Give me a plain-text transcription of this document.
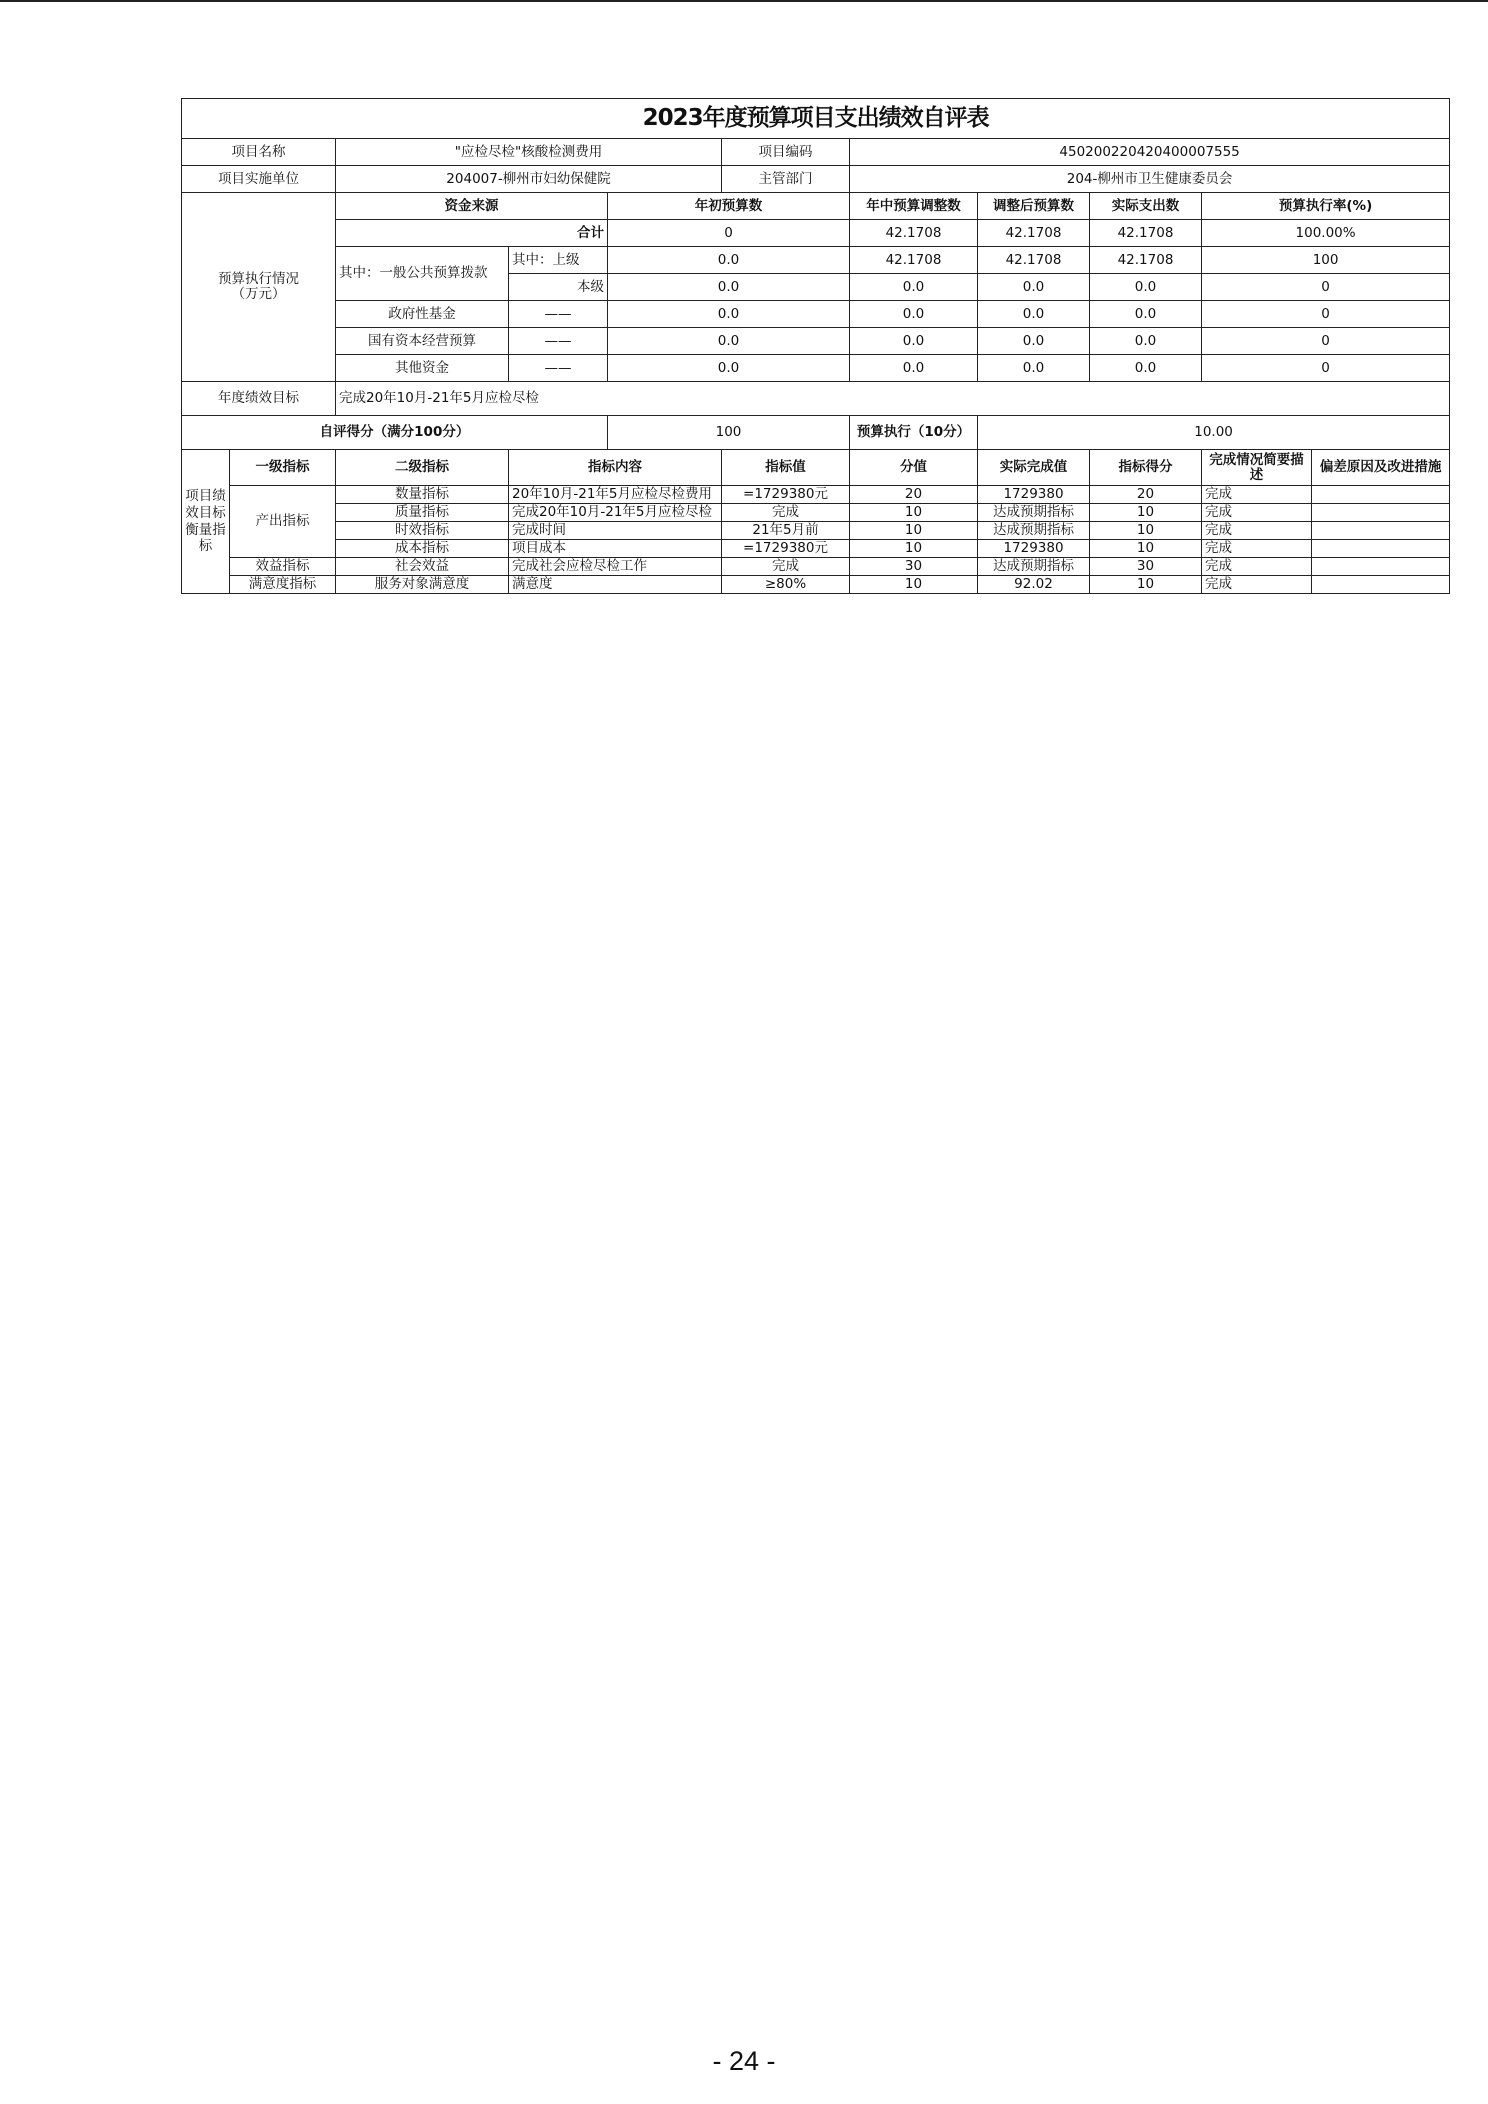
2023年度预算项目支出绩效自评表										
项目名称		"应检尽检"核酸检测费用			项目编码	450200220420400007555				
项目实施单位		204007-柳州市妇幼保健院			主管部门	204-柳州市卫生健康委员会				
预算执行情况（万元）		资金来源		年初预算数		年中预算调整数	调整后预算数	实际支出数	预算执行率(%)	
		合计		0		42.1708	42.1708	42.1708	100.00%	
		其中：一般公共预算拨款	其中：上级	0.0		42.1708	42.1708	42.1708	100	
			本级	0.0		0.0	0.0	0.0	0	
		政府性基金	——	0.0		0.0	0.0	0.0	0	
		国有资本经营预算	——	0.0		0.0	0.0	0.0	0	
		其他资金	——	0.0		0.0	0.0	0.0	0	
年度绩效目标		完成20年10月-21年5月应检尽检								
自评得分（满分100分）				100		预算执行（10分）	10.00			
项目绩效目标衡量指标	一级指标	二级指标	指标内容		指标值	分值	实际完成值	指标得分	完成情况简要描述	偏差原因及改进措施
	产出指标	数量指标	20年10月-21年5月应检尽检费用		=1729380元	20	1729380	20	完成	
		质量指标	完成20年10月-21年5月应检尽检		完成	10	达成预期指标	10	完成	
		时效指标	完成时间		21年5月前	10	达成预期指标	10	完成	
		成本指标	项目成本		=1729380元	10	1729380	10	完成	
	效益指标	社会效益	完成社会应检尽检工作		完成	30	达成预期指标	30	完成	
	满意度指标	服务对象满意度	满意度		≥80%	10	92.02	10	完成	
- 24 -
